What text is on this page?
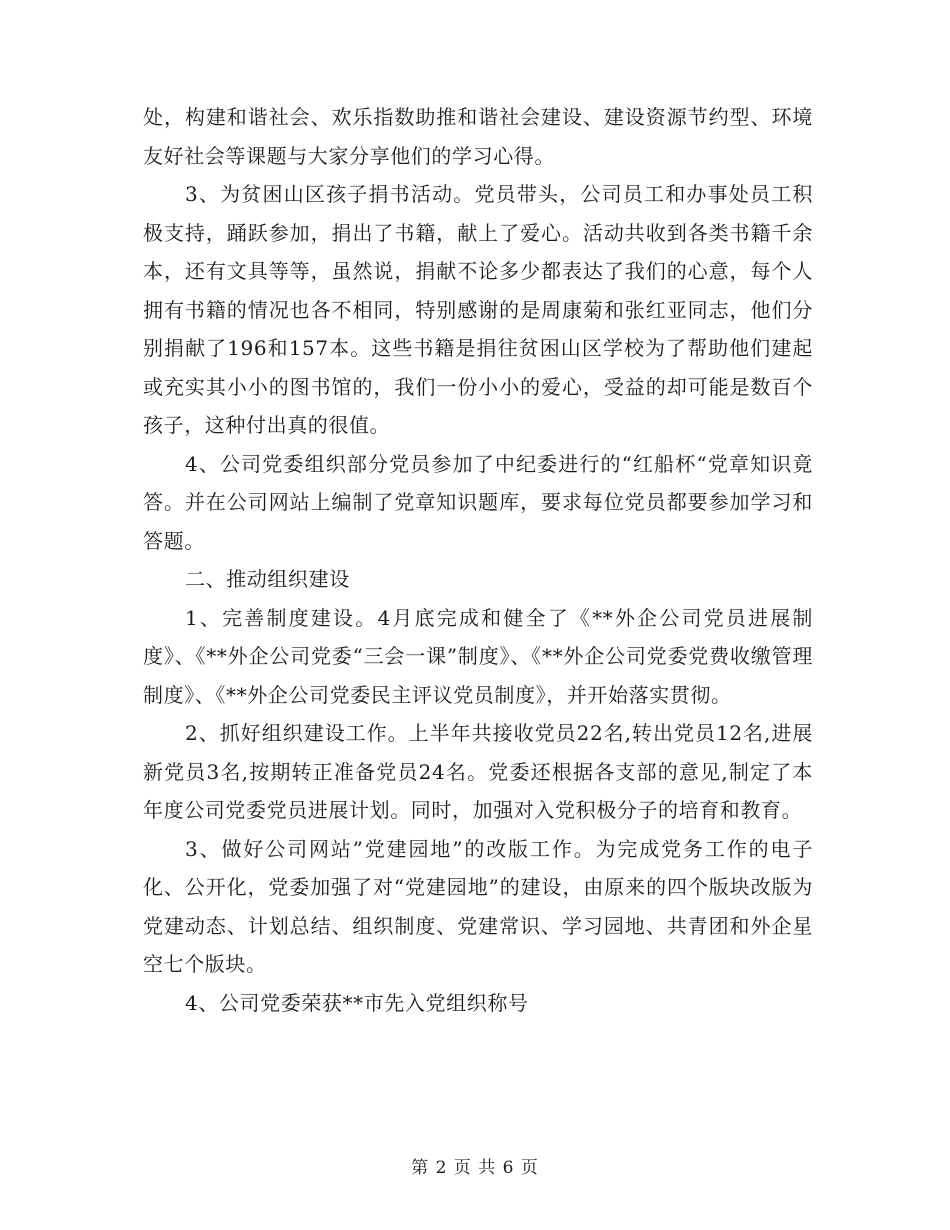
处，构建和谐社会、欢乐指数助推和谐社会建设、建设资源节约型、环境友好社会等课题与大家分享他们的学习心得。

3、为贫困山区孩子捐书活动。党员带头，公司员工和办事处员工积极支持，踊跃参加，捐出了书籍，献上了爱心。活动共收到各类书籍千余本，还有文具等等，虽然说，捐献不论多少都表达了我们的心意，每个人拥有书籍的情况也各不相同，特别感谢的是周康菊和张红亚同志，他们分别捐献了196和157本。这些书籍是捐往贫困山区学校为了帮助他们建起或充实其小小的图书馆的，我们一份小小的爱心，受益的却可能是数百个孩子，这种付出真的很值。

4、公司党委组织部分党员参加了中纪委进行的“红船杯“党章知识竟答。并在公司网站上编制了党章知识题库，要求每位党员都要参加学习和答题。

二、推动组织建设

1、完善制度建设。4月底完成和健全了《**外企公司党员进展制度》、《**外企公司党委“三会一课”制度》、《**外企公司党委党费收缴管理制度》、《**外企公司党委民主评议党员制度》，并开始落实贯彻。

2、抓好组织建设工作。上半年共接收党员22名,转出党员12名,进展新党员3名,按期转正准备党员24名。党委还根据各支部的意见,制定了本年度公司党委党员进展计划。同时，加强对入党积极分子的培育和教育。

3、做好公司网站”党建园地”的改版工作。为完成党务工作的电子化、公开化，党委加强了对“党建园地”的建设，由原来的四个版块改版为党建动态、计划总结、组织制度、党建常识、学习园地、共青团和外企星空七个版块。

4、公司党委荣获**市先入党组织称号

第 2 页 共 6 页
